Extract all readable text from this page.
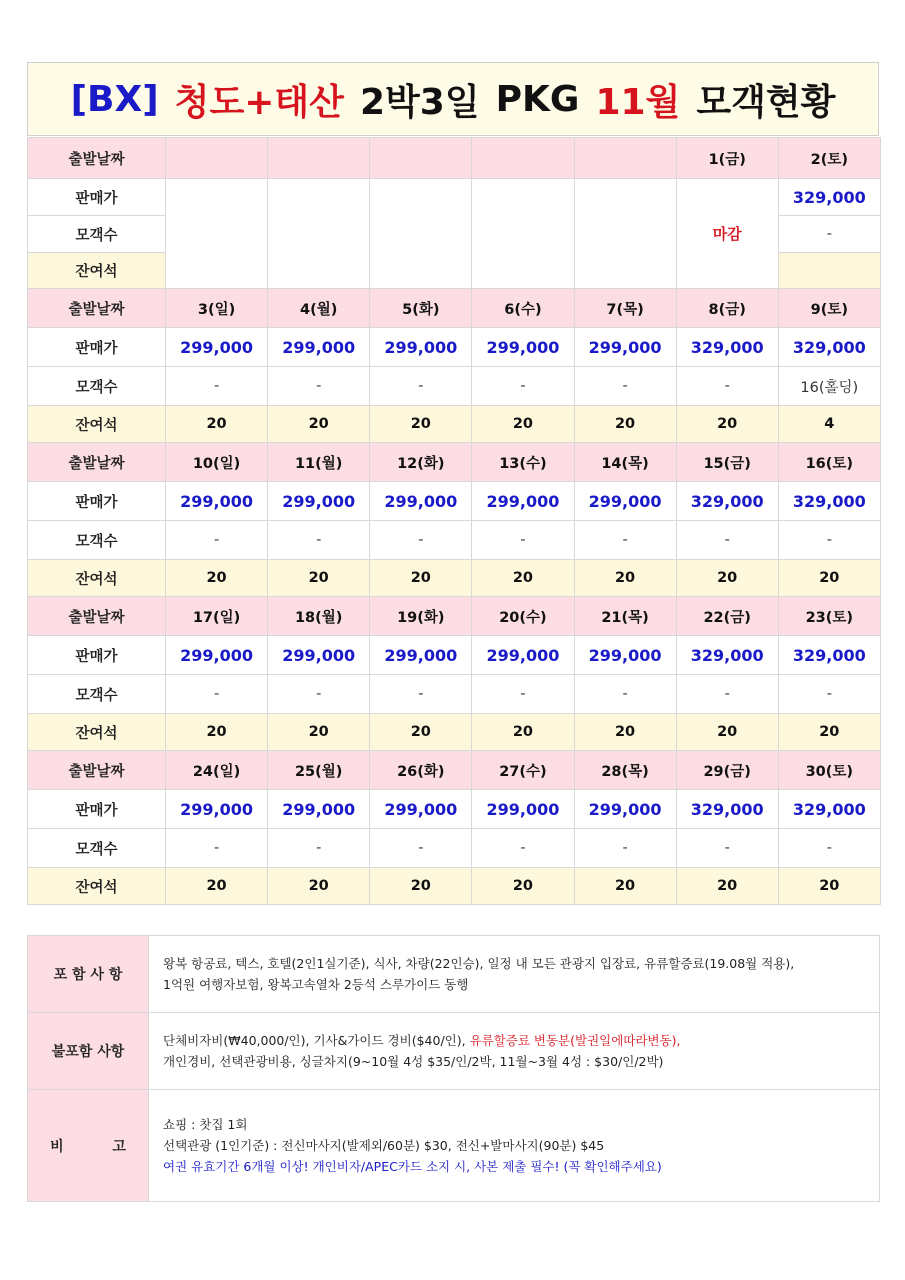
[BX] 청도+태산 2박3일 PKG 11월 모객현황
출발날짜						1(금)	2(토)	
판매가						마감	329,000	
모객수							-	
잔여석							
출발날짜	3(일)	4(월)	5(화)	6(수)	7(목)	8(금)	9(토)	
판매가	299,000	299,000	299,000	299,000	299,000	329,000	329,000	
모객수	-	-	-	-	-	-	16(홀딩)	
잔여석	20	20	20	20	20	20	4	
출발날짜	10(일)	11(월)	12(화)	13(수)	14(목)	15(금)	16(토)	
판매가	299,000	299,000	299,000	299,000	299,000	329,000	329,000	
모객수	-	-	-	-	-	-	-	
잔여석	20	20	20	20	20	20	20	
출발날짜	17(일)	18(월)	19(화)	20(수)	21(목)	22(금)	23(토)	
판매가	299,000	299,000	299,000	299,000	299,000	329,000	329,000	
모객수	-	-	-	-	-	-	-	
잔여석	20	20	20	20	20	20	20	
출발날짜	24(일)	25(월)	26(화)	27(수)	28(목)	29(금)	30(토)	
판매가	299,000	299,000	299,000	299,000	299,000	329,000	329,000	
모객수	-	-	-	-	-	-	-	
잔여석	20	20	20	20	20	20	20	
포 함 사 항	왕복 항공료, 텍스, 호텔(2인1실기준), 식사, 차량(22인승), 일정 내 모든 관광지 입장료, 유류할증료(19.08월 적용),
1억원 여행자보험, 왕복고속열차 2등석 스루가이드 동행

불포함 사항	단체비자비(₩40,000/인), 기사&가이드 경비($40/인), 유류할증료 변동분(발권일에따라변동),
개인경비, 선택관광비용, 싱글차지(9~10월 4성 $35/인/2박, 11월~3월 4성 : $30/인/2박)

비          고	쇼핑 : 찻집 1회
선택관광 (1인기준) : 전신마사지(발제외/60분) $30, 전신+발마사지(90분) $45
여권 유효기간 6개월 이상! 개인비자/APEC카드 소지 시, 사본 제출 필수! (꼭 확인해주세요)
